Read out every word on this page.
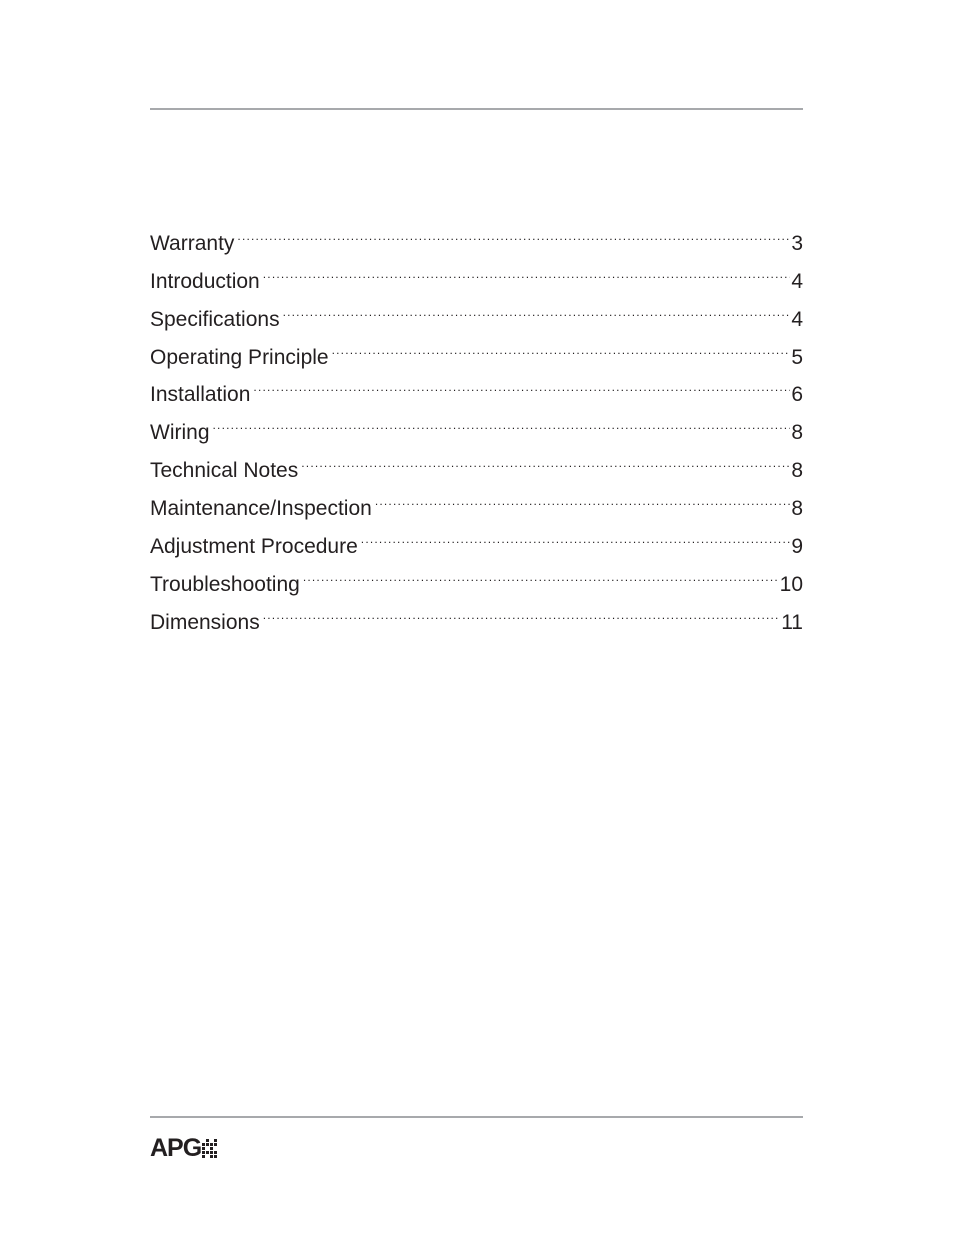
Warranty .....	3
Introduction .....	4
Specifications .....	4
Operating Principle .....	5
Installation .....	6
Wiring .....	8
Technical Notes .....	8
Maintenance/Inspection .....	8
Adjustment Procedure .....	9
Troubleshooting .....	10
Dimensions .....	11
APG
